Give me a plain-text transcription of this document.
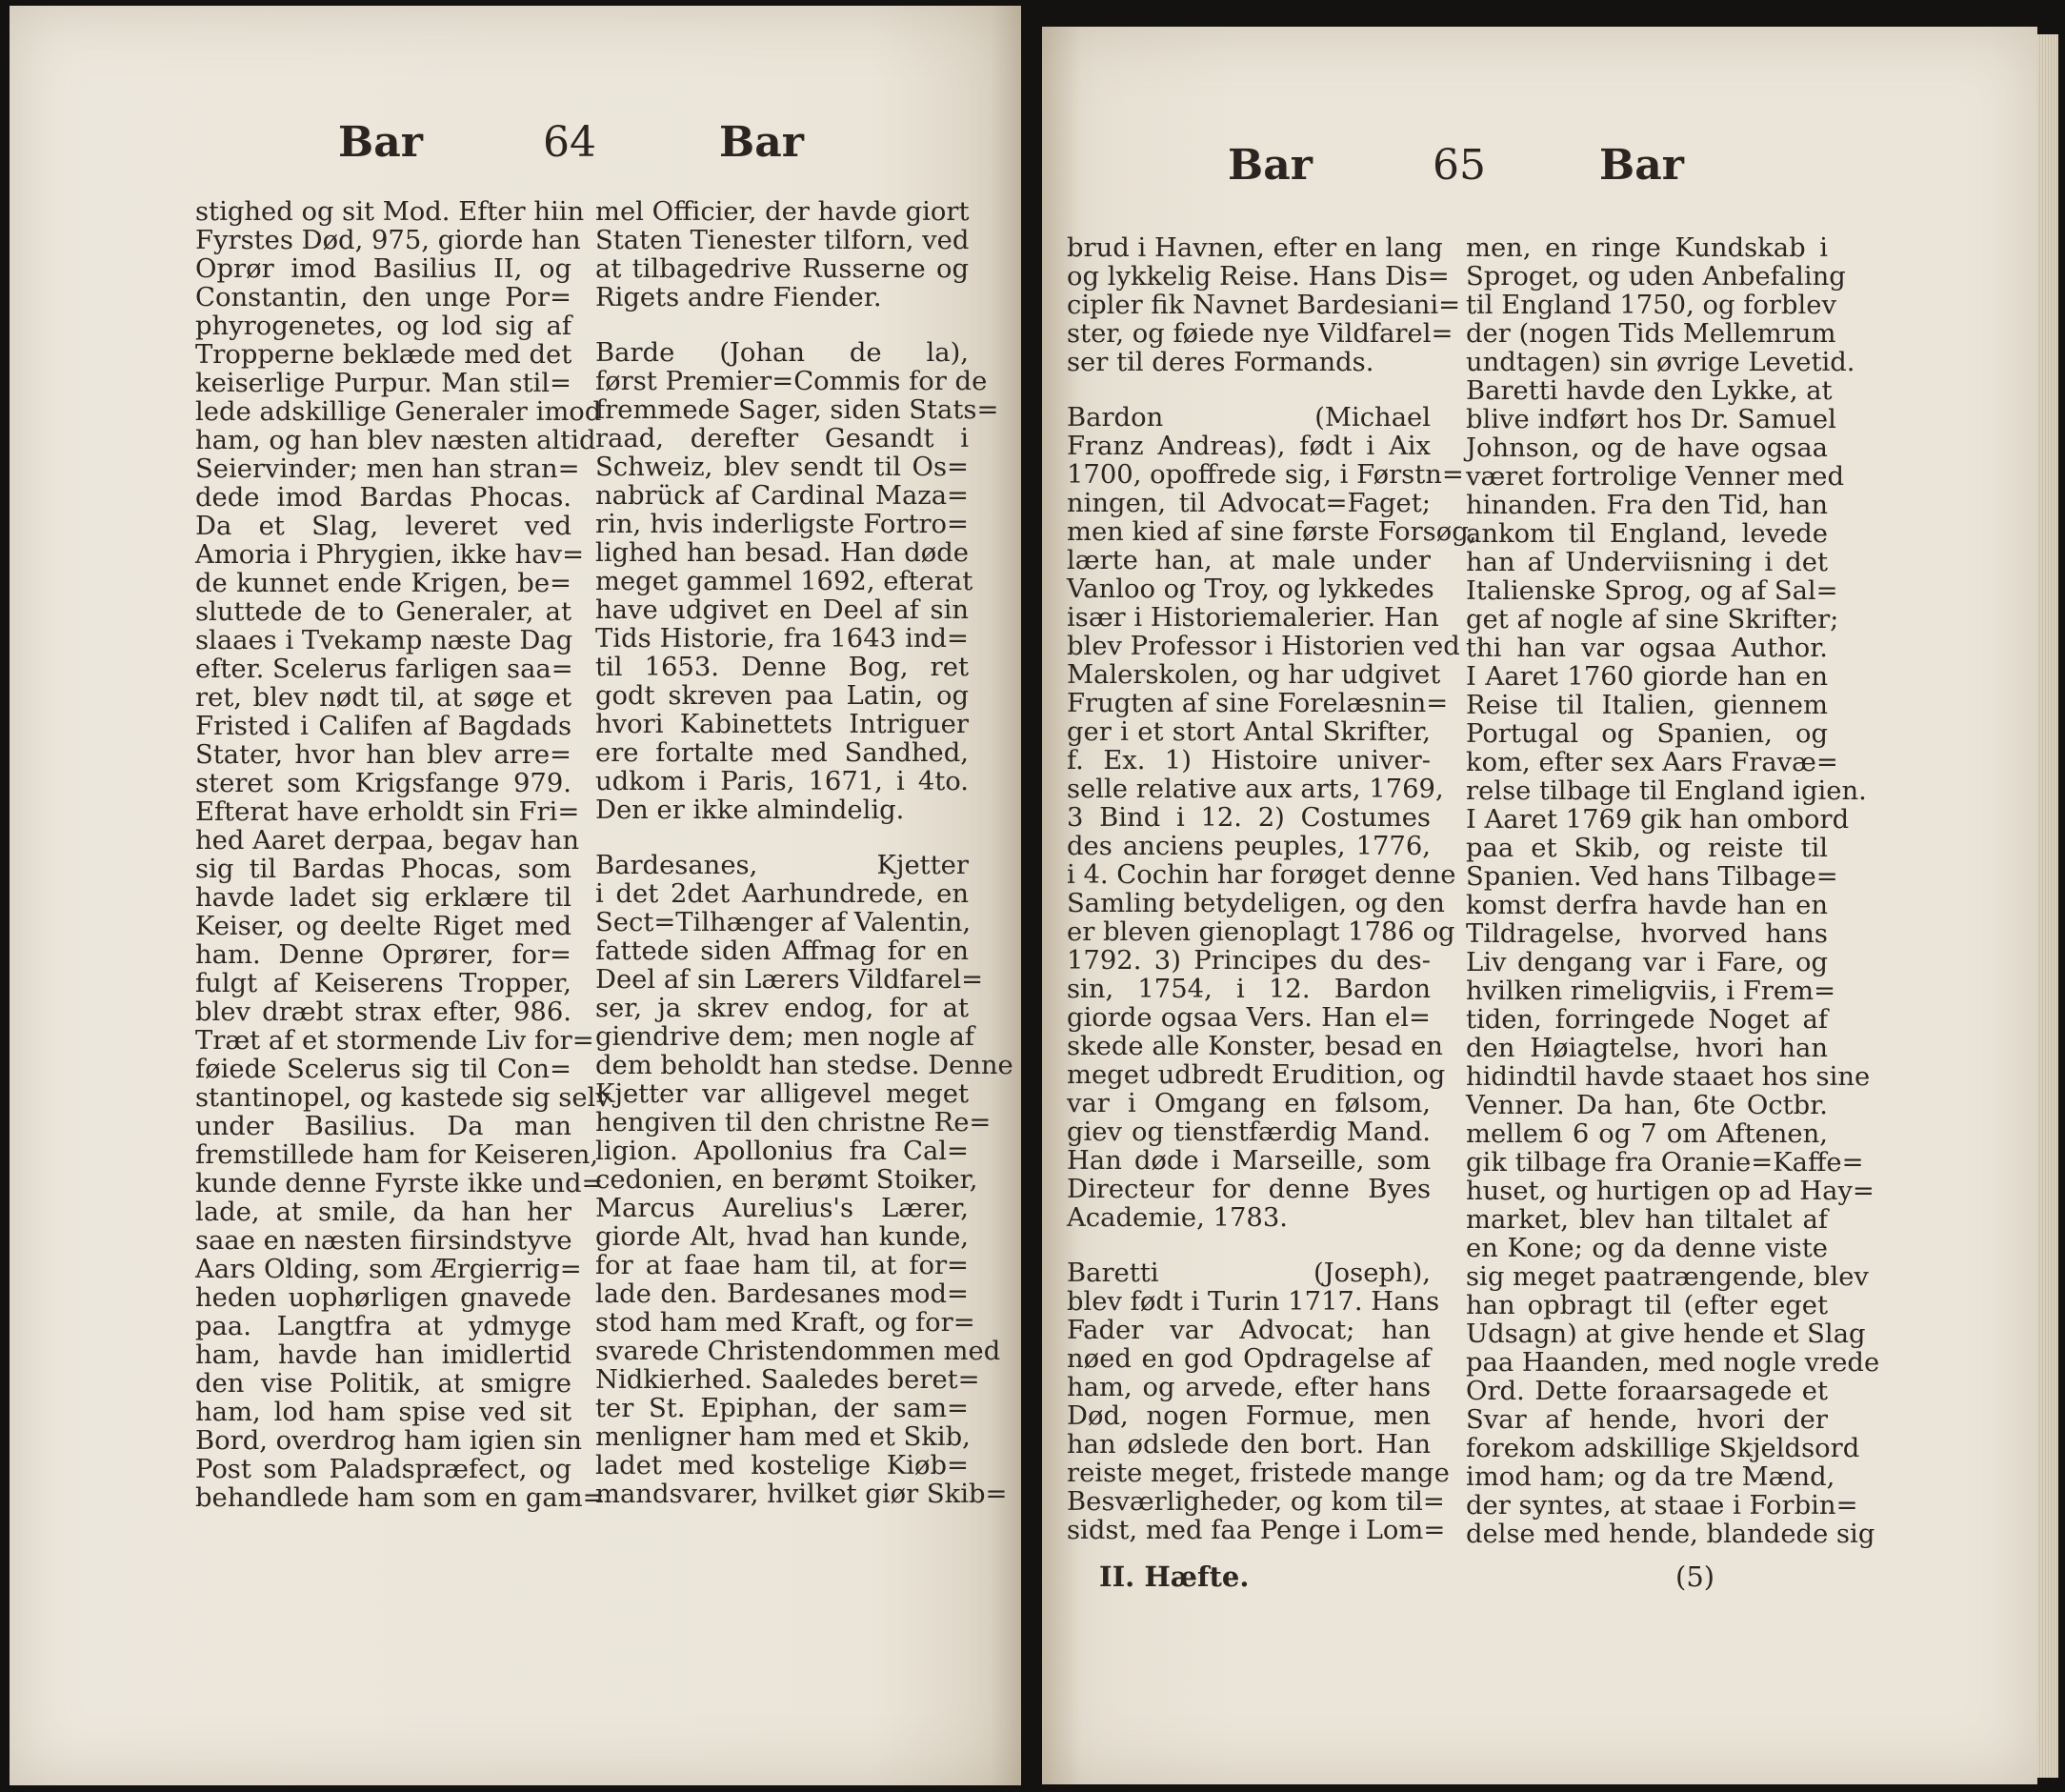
Bar	64	Bar
stighed og sit Mod. Efter hiin
Fyrstes Død, 975, giorde han
Oprør imod Basilius II, og
Constantin, den unge Por=
phyrogenetes, og lod sig af
Tropperne beklæde med det
keiserlige Purpur. Man stil=
lede adskillige Generaler imod
ham, og han blev næsten altid
Seiervinder; men han stran=
dede imod Bardas Phocas.
Da et Slag, leveret ved
Amoria i Phrygien, ikke hav=
de kunnet ende Krigen, be=
sluttede de to Generaler, at
slaaes i Tvekamp næste Dag
efter. Scelerus farligen saa=
ret, blev nødt til, at søge et
Fristed i Califen af Bagdads
Stater, hvor han blev arre=
steret som Krigsfange 979.
Efterat have erholdt sin Fri=
hed Aaret derpaa, begav han
sig til Bardas Phocas, som
havde ladet sig erklære til
Keiser, og deelte Riget med
ham. Denne Oprører, for=
fulgt af Keiserens Tropper,
blev dræbt strax efter, 986.
Træt af et stormende Liv for=
føiede Scelerus sig til Con=
stantinopel, og kastede sig selv
under Basilius. Da man
fremstillede ham for Keiseren,
kunde denne Fyrste ikke und=
lade, at smile, da han her
saae en næsten fiirsindstyve
Aars Olding, som Ærgierrig=
heden uophørligen gnavede
paa. Langtfra at ydmyge
ham, havde han imidlertid
den vise Politik, at smigre
ham, lod ham spise ved sit
Bord, overdrog ham igien sin
Post som Paladspræfect, og
behandlede ham som en gam=
mel Officier, der havde giort
Staten Tienester tilforn, ved
at tilbagedrive Russerne og
Rigets andre Fiender.
Barde (Johan de la),
først Premier=Commis for de
fremmede Sager, siden Stats=
raad, derefter Gesandt i
Schweiz, blev sendt til Os=
nabrück af Cardinal Maza=
rin, hvis inderligste Fortro=
lighed han besad. Han døde
meget gammel 1692, efterat
have udgivet en Deel af sin
Tids Historie, fra 1643 ind=
til 1653. Denne Bog, ret
godt skreven paa Latin, og
hvori Kabinettets Intriguer
ere fortalte med Sandhed,
udkom i Paris, 1671, i 4to.
Den er ikke almindelig.
Bardesanes, Kjetter
i det 2det Aarhundrede, en
Sect=Tilhænger af Valentin,
fattede siden Affmag for en
Deel af sin Lærers Vildfarel=
ser, ja skrev endog, for at
giendrive dem; men nogle af
dem beholdt han stedse. Denne
Kjetter var alligevel meget
hengiven til den christne Re=
ligion. Apollonius fra Cal=
cedonien, en berømt Stoiker,
Marcus Aurelius's Lærer,
giorde Alt, hvad han kunde,
for at faae ham til, at for=
lade den. Bardesanes mod=
stod ham med Kraft, og for=
svarede Christendommen med
Nidkierhed. Saaledes beret=
ter St. Epiphan, der sam=
menligner ham med et Skib,
ladet med kostelige Kiøb=
mandsvarer, hvilket giør Skib=
Bar	65	Bar
brud i Havnen, efter en lang
og lykkelig Reise. Hans Dis=
cipler fik Navnet Bardesiani=
ster, og føiede nye Vildfarel=
ser til deres Formands.
Bardon (Michael
Franz Andreas), født i Aix
1700, opoffrede sig, i Førstn=
ningen, til Advocat=Faget;
men kied af sine første Forsøg,
lærte han, at male under
Vanloo og Troy, og lykkedes
især i Historiemalerier. Han
blev Professor i Historien ved
Malerskolen, og har udgivet
Frugten af sine Forelæsnin=
ger i et stort Antal Skrifter,
f. Ex. 1) Histoire univer-
selle relative aux arts, 1769,
3 Bind i 12. 2) Costumes
des anciens peuples, 1776,
i 4. Cochin har forøget denne
Samling betydeligen, og den
er bleven gienoplagt 1786 og
1792. 3) Principes du des-
sin, 1754, i 12. Bardon
giorde ogsaa Vers. Han el=
skede alle Konster, besad en
meget udbredt Erudition, og
var i Omgang en følsom,
giev og tienstfærdig Mand.
Han døde i Marseille, som
Directeur for denne Byes
Academie, 1783.
Baretti (Joseph),
blev født i Turin 1717. Hans
Fader var Advocat; han
nøed en god Opdragelse af
ham, og arvede, efter hans
Død, nogen Formue, men
han ødslede den bort. Han
reiste meget, fristede mange
Besværligheder, og kom til=
sidst, med faa Penge i Lom=
men, en ringe Kundskab i
Sproget, og uden Anbefaling
til England 1750, og forblev
der (nogen Tids Mellemrum
undtagen) sin øvrige Levetid.
Baretti havde den Lykke, at
blive indført hos Dr. Samuel
Johnson, og de have ogsaa
været fortrolige Venner med
hinanden. Fra den Tid, han
ankom til England, levede
han af Underviisning i det
Italienske Sprog, og af Sal=
get af nogle af sine Skrifter;
thi han var ogsaa Author.
I Aaret 1760 giorde han en
Reise til Italien, giennem
Portugal og Spanien, og
kom, efter sex Aars Fravæ=
relse tilbage til England igien.
I Aaret 1769 gik han ombord
paa et Skib, og reiste til
Spanien. Ved hans Tilbage=
komst derfra havde han en
Tildragelse, hvorved hans
Liv dengang var i Fare, og
hvilken rimeligviis, i Frem=
tiden, forringede Noget af
den Høiagtelse, hvori han
hidindtil havde staaet hos sine
Venner. Da han, 6te Octbr.
mellem 6 og 7 om Aftenen,
gik tilbage fra Oranie=Kaffe=
huset, og hurtigen op ad Hay=
market, blev han tiltalet af
en Kone; og da denne viste
sig meget paatrængende, blev
han opbragt til (efter eget
Udsagn) at give hende et Slag
paa Haanden, med nogle vrede
Ord. Dette foraarsagede et
Svar af hende, hvori der
forekom adskillige Skjeldsord
imod ham; og da tre Mænd,
der syntes, at staae i Forbin=
delse med hende, blandede sig
II. Hæfte.	(5)
